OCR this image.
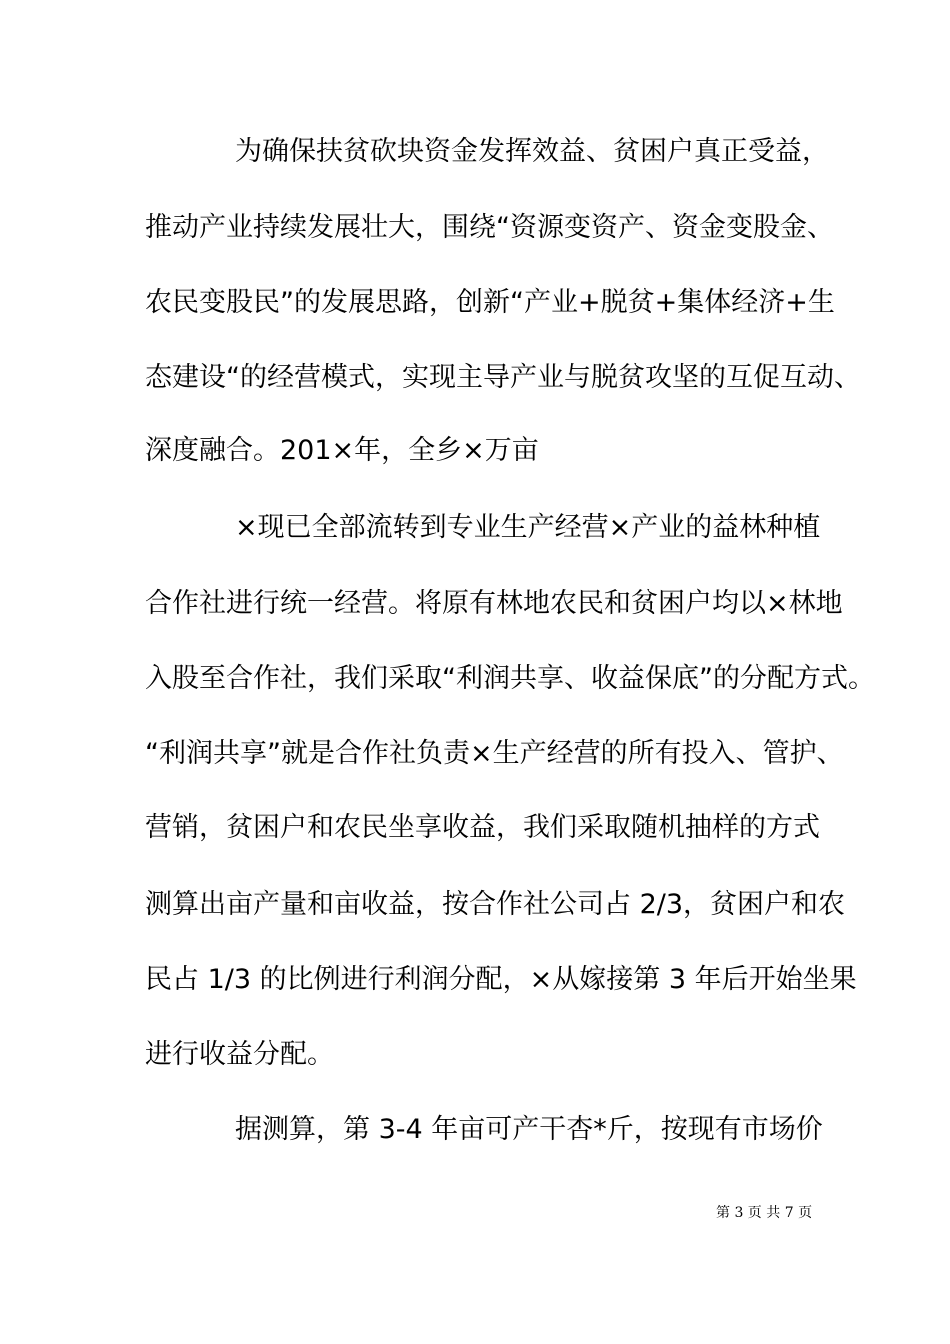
为确保扶贫砍块资金发挥效益、贫困户真正受益，
推动产业持续发展壮大，围绕“资源变资产、资金变股金、
农民变股民”的发展思路，创新“产业+脱贫+集体经济+生
态建设“的经营模式，实现主导产业与脱贫攻坚的互促互动、
深度融合。201×年，全乡×万亩
×现已全部流转到专业生产经营×产业的益林种植
合作社进行统一经营。将原有林地农民和贫困户均以×林地
入股至合作社，我们采取“利润共享、收益保底”的分配方式。
“利润共享”就是合作社负责×生产经营的所有投入、管护、
营销，贫困户和农民坐享收益，我们采取随机抽样的方式
测算出亩产量和亩收益，按合作社公司占 2/3，贫困户和农
民占 1/3 的比例进行利润分配，×从嫁接第 3 年后开始坐果
进行收益分配。
据测算，第 3-4 年亩可产干杏*斤，按现有市场价
第 3 页 共 7 页
